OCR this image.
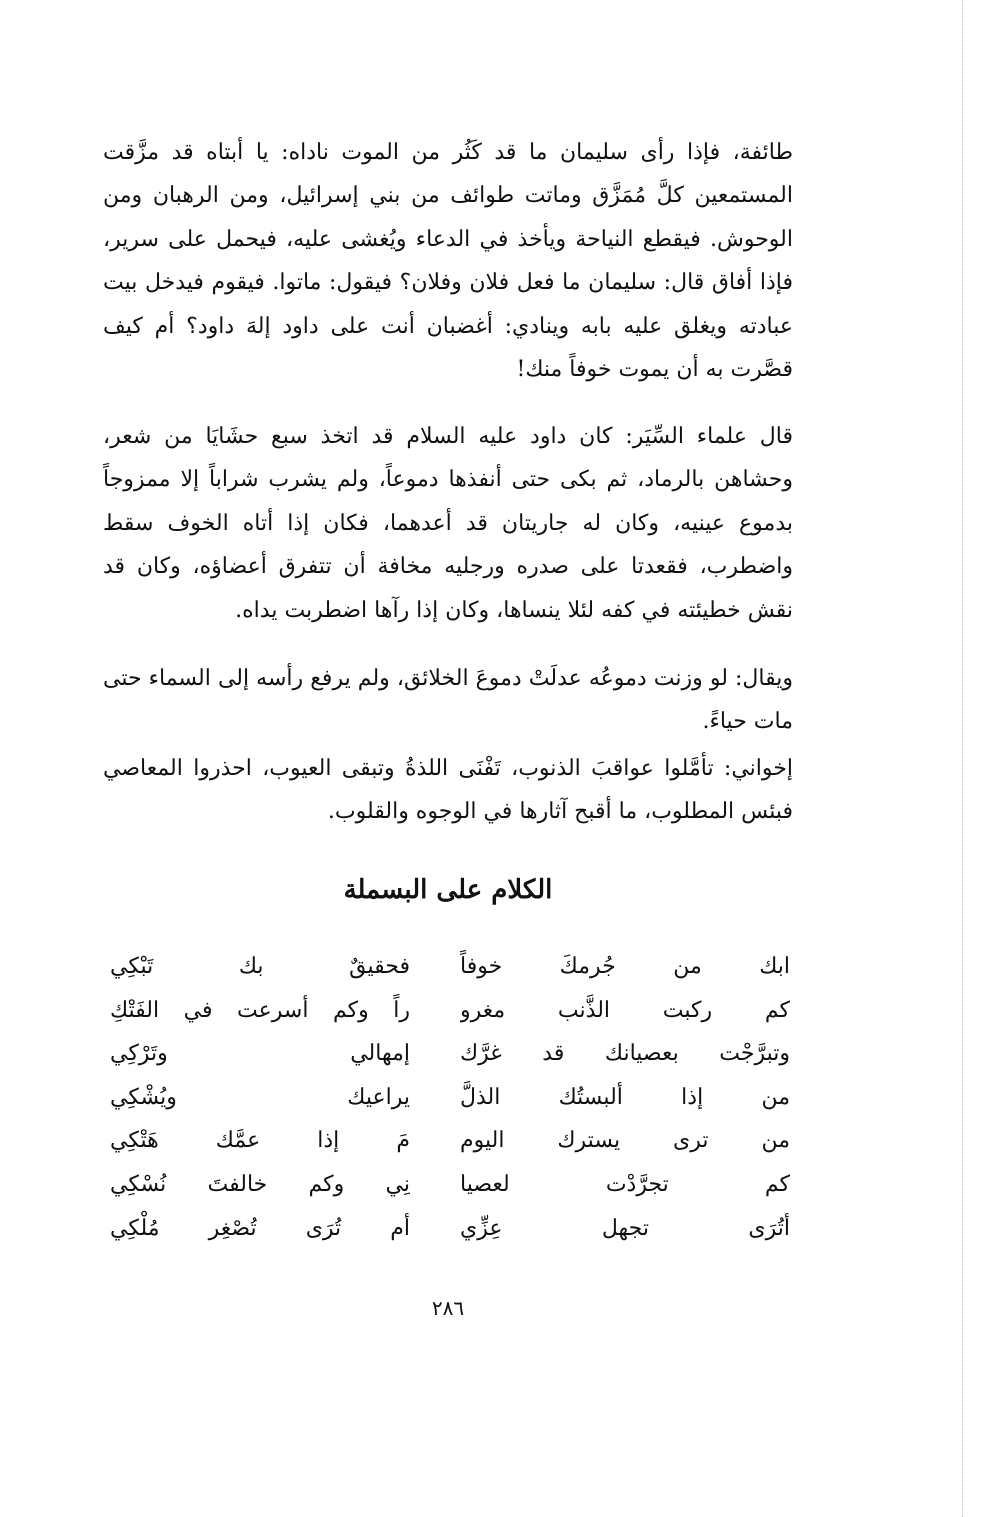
طائفة، فإذا رأى سليمان ما قد كَثُر من الموت ناداه: يا أبتاه قد مزَّقت المستمعين كلَّ مُمَزَّق وماتت طوائف من بني إسرائيل، ومن الرهبان ومن الوحوش. فيقطع النياحة ويأخذ في الدعاء ويُغشى عليه، فيحمل على سرير، فإذا أفاق قال: سليمان ما فعل فلان وفلان؟ فيقول: ماتوا. فيقوم فيدخل بيت عبادته ويغلق عليه بابه وينادي: أغضبان أنت على داود إلهَ داود؟ أم كيف قصَّرت به أن يموت خوفاً منك!

قال علماء السِّيَر: كان داود عليه السلام قد اتخذ سبع حشَايَا من شعر، وحشاهن بالرماد، ثم بكى حتى أنفذها دموعاً، ولم يشرب شراباً إلا ممزوجاً بدموع عينيه، وكان له جاريتان قد أعدهما، فكان إذا أتاه الخوف سقط واضطرب، فقعدتا على صدره ورجليه مخافة أن تتفرق أعضاؤه، وكان قد نقش خطيئته في كفه لئلا ينساها، وكان إذا رآها اضطربت يداه.

ويقال: لو وزنت دموعُه عدلَتْ دموعَ الخلائق، ولم يرفع رأسه إلى السماء حتى مات حياءً.

إخواني: تأمَّلوا عواقبَ الذنوب، تَفْنَى اللذةُ وتبقى العيوب، احذروا المعاصي فبئس المطلوب، ما أقبح آثارها في الوجوه والقلوب.

الكلام على البسملة
ابك من جُرمكَ خوفاً
فحقيقٌ بك تَبْكِي
كم ركبت الذَّنب مغرو
راً وكم أسرعت في الفَتْكِ
وتبرَّجْت بعصيانك قد غرَّك
إمهالي وتَرْكِي
من إذا ألبستُك الذلَّ
يراعيك ويُشْكِي
من ترى يسترك اليوم
مَ إذا عمَّك هَتْكِي
كم تجرَّدْت لعصيا
نِي وكم خالفتَ نُسْكِي
أتُرَى تجهل عِزِّي
أم تُرَى تُصْغِر مُلْكِي
٢٨٦
